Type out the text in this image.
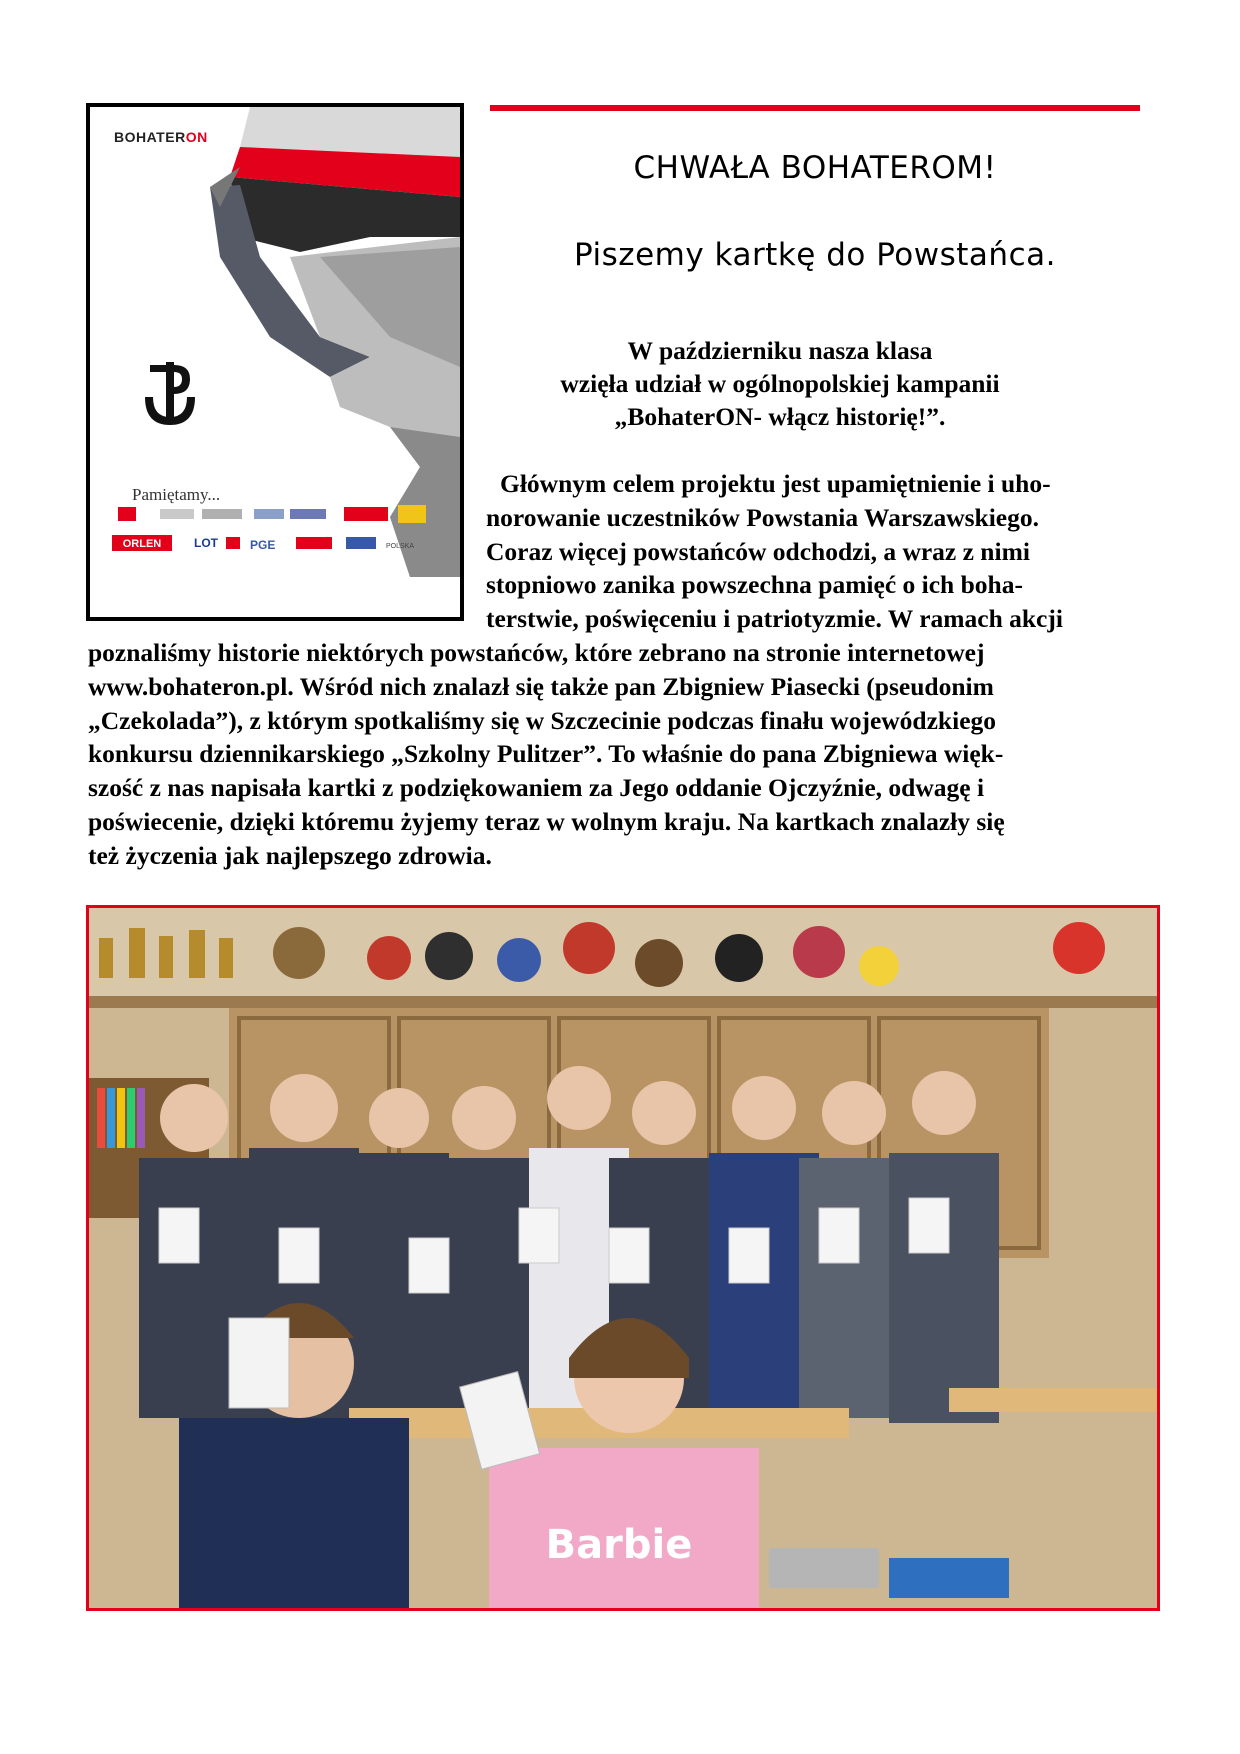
ORLEN	LOT	PGE	POLSKA
BOHATERON
Pamiętamy...
CHWAŁA BOHATEROM!
Piszemy kartkę do Powstańca.

W październiku nasza klasa
wzięła udział w ogólnopolskiej kampanii
„BohaterON- włącz historię!”.

Głównym celem projektu jest upamiętnienie i uho-
norowanie uczestników Powstania Warszawskiego.
Coraz więcej powstańców odchodzi, a wraz z nimi
stopniowo zanika powszechna pamięć o ich boha-
terstwie, poświęceniu i patriotyzmie. W ramach akcji
poznaliśmy historie niektórych powstańców, które zebrano na stronie internetowej
www.bohateron.pl. Wśród nich znalazł się także pan Zbigniew Piasecki (pseudonim
„Czekolada”), z którym spotkaliśmy się w Szczecinie podczas finału wojewódzkiego
konkursu dziennikarskiego „Szkolny Pulitzer”. To właśnie do pana Zbigniewa więk-
szość z nas napisała kartki z podziękowaniem za Jego oddanie Ojczyźnie, odwagę i
poświecenie, dzięki któremu żyjemy teraz w wolnym kraju. Na kartkach znalazły się
też życzenia jak najlepszego zdrowia.
Barbie
